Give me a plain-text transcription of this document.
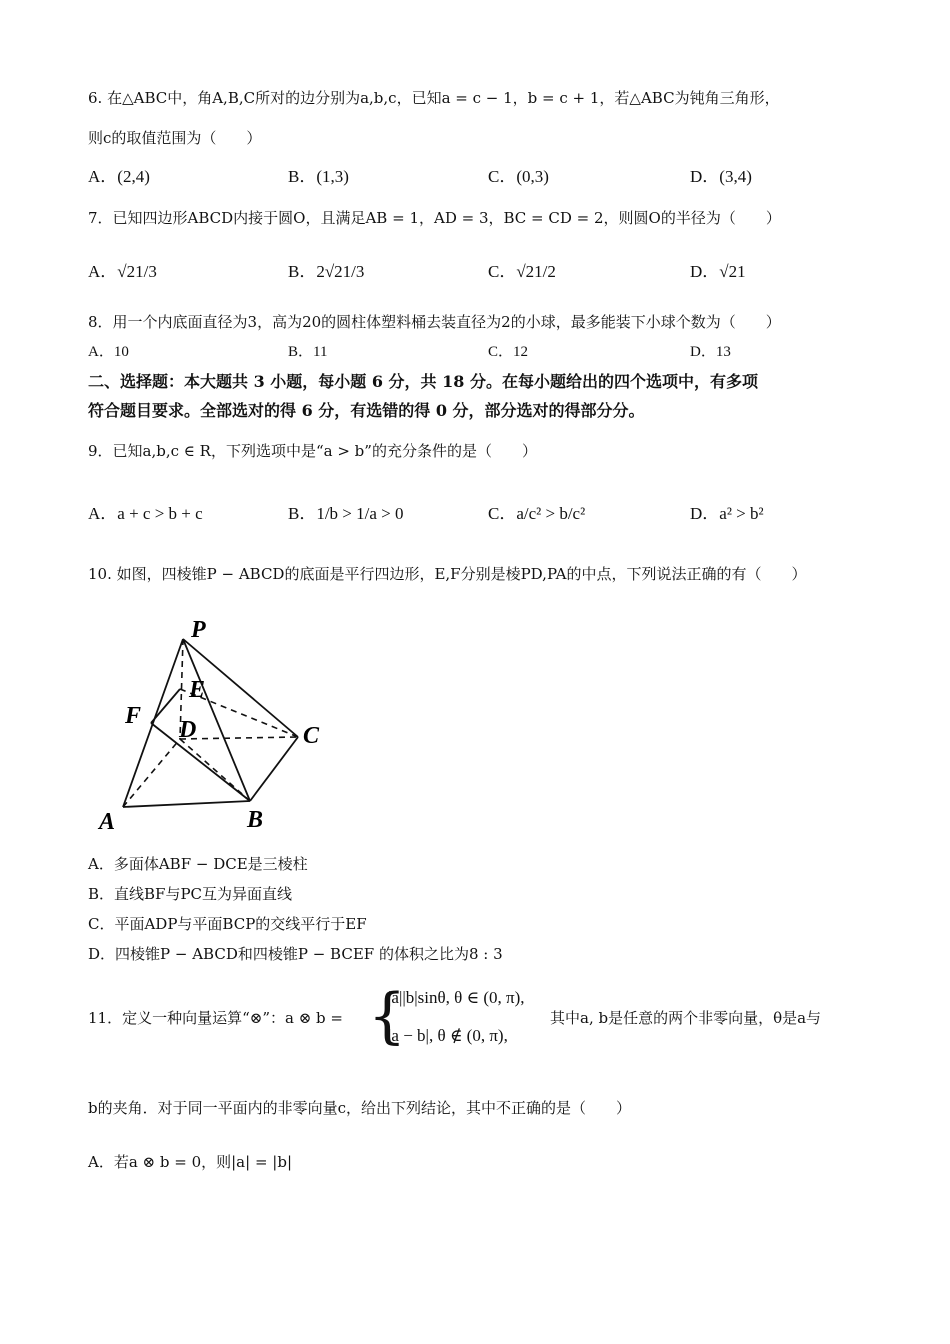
6. 在△ABC中，角A,B,C所对的边分别为a,b,c，已知a = c − 1，b = c + 1，若△ABC为钝角三角形，
则c的取值范围为（　　）
A．(2,4)	B．(1,3)	C．(0,3)	D．(3,4)
7．已知四边形ABCD内接于圆O，且满足AB = 1，AD = 3，BC = CD = 2，则圆O的半径为（　　）
A．√21/3	B．2√21/3	C．√21/2	D．√21
8．用一个内底面直径为3，高为20的圆柱体塑料桶去装直径为2的小球，最多能装下小球个数为（　　）
A．10	B．11	C．12	D．13
二、选择题：本大题共 3 小题，每小题 6 分，共 18 分。在每小题给出的四个选项中，有多项
符合题目要求。全部选对的得 6 分，有选错的得 0 分，部分选对的得部分分。
9．已知a,b,c ∈ R，下列选项中是“a > b”的充分条件的是（　　）
A．a + c > b + c	B．1/b > 1/a > 0	C．a/c² > b/c²	D．a² > b²
10. 如图，四棱锥P − ABCD的底面是平行四边形，E,F分别是棱PD,PA的中点，下列说法正确的有（　　）
P
E
F
D	C
A	B
A．多面体ABF − DCE是三棱柱
B．直线BF与PC互为异面直线
C．平面ADP与平面BCP的交线平行于EF
D．四棱锥P − ABCD和四棱锥P − BCEF 的体积之比为8 : 3
11．定义一种向量运算“⊗”：a ⊗ b = {
|a||b|sinθ, θ ∈ (0, π),
|a − b|, θ ∉ (0, π),
其中a, b是任意的两个非零向量，θ是a与
b的夹角．对于同一平面内的非零向量c，给出下列结论，其中不正确的是（　　）
A．若a ⊗ b = 0，则|a| = |b|
